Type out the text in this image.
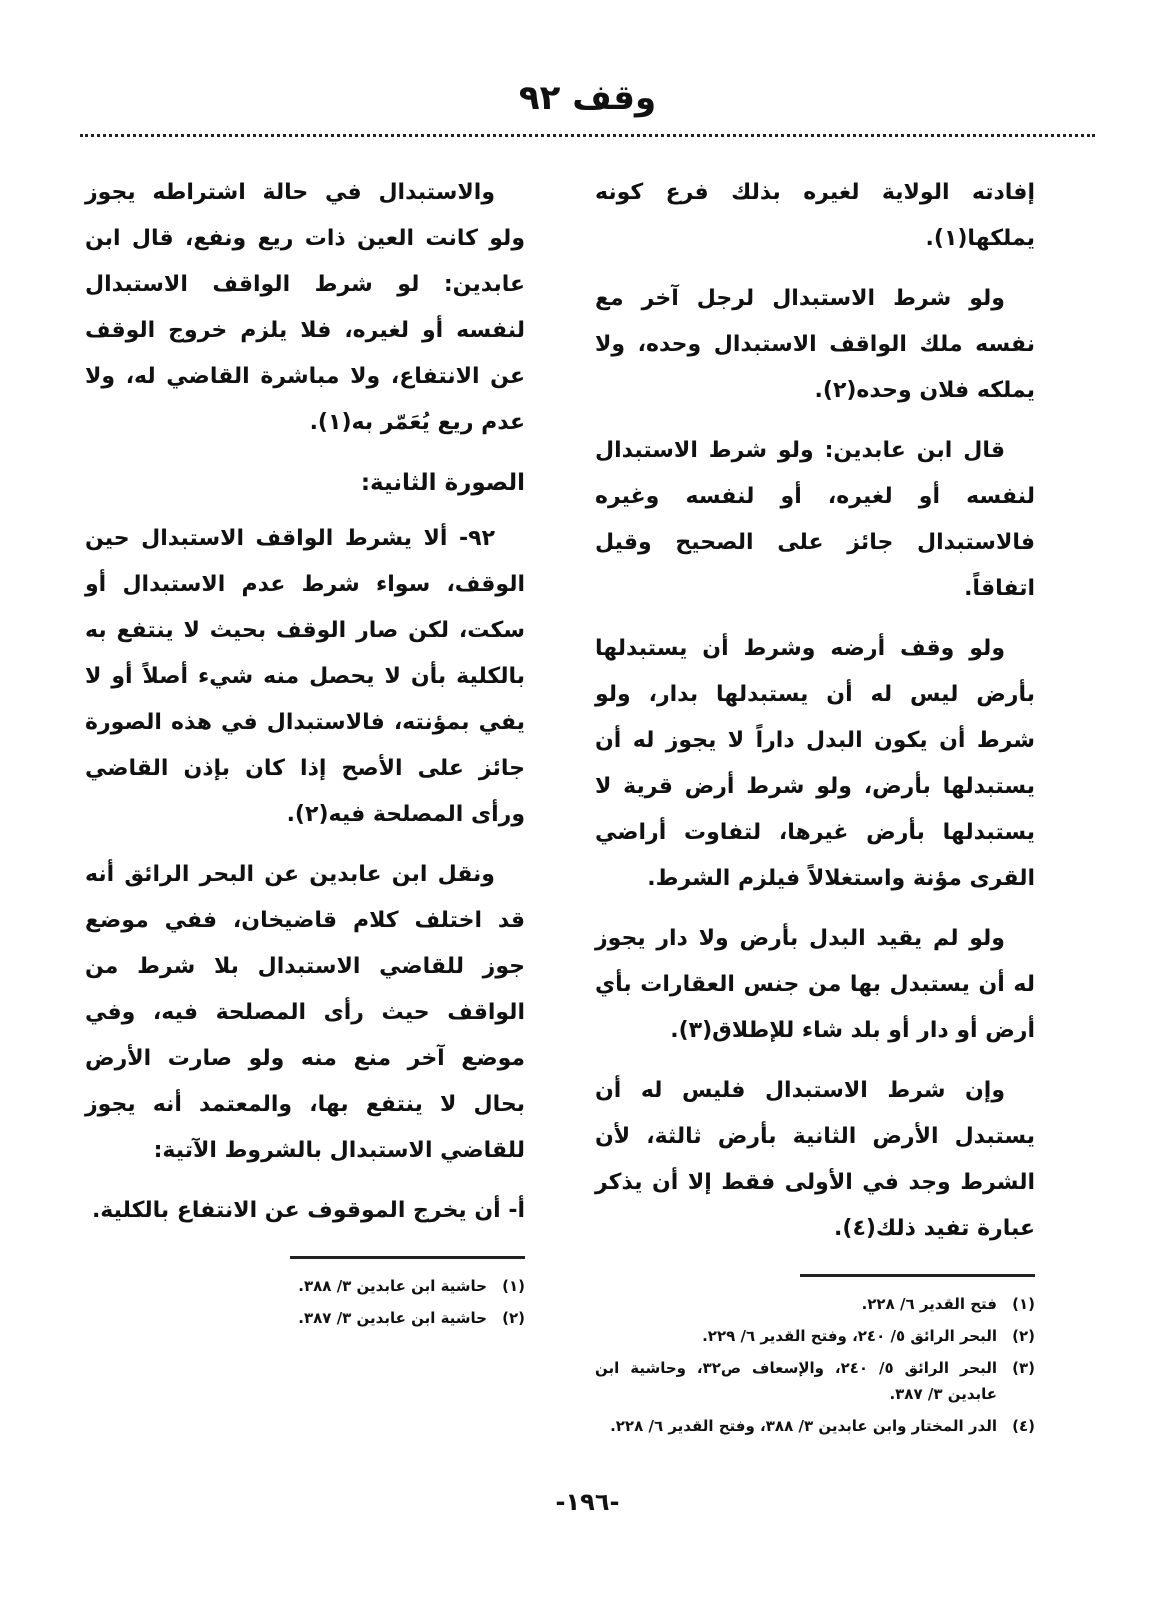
وقف ٩٢

إفادته الولاية لغيره بذلك فرع كونه يملكها(١).

ولو شرط الاستبدال لرجل آخر مع نفسه ملك الواقف الاستبدال وحده، ولا يملكه فلان وحده(٢).

قال ابن عابدين: ولو شرط الاستبدال لنفسه أو لغيره، أو لنفسه وغيره فالاستبدال جائز على الصحيح وقيل اتفاقاً.

ولو وقف أرضه وشرط أن يستبدلها بأرض ليس له أن يستبدلها بدار، ولو شرط أن يكون البدل داراً لا يجوز له أن يستبدلها بأرض، ولو شرط أرض قرية لا يستبدلها بأرض غيرها، لتفاوت أراضي القرى مؤنة واستغلالاً فيلزم الشرط.

ولو لم يقيد البدل بأرض ولا دار يجوز له أن يستبدل بها من جنس العقارات بأي أرض أو دار أو بلد شاء للإطلاق(٣).

وإن شرط الاستبدال فليس له أن يستبدل الأرض الثانية بأرض ثالثة، لأن الشرط وجد في الأولى فقط إلا أن يذكر عبارة تفيد ذلك(٤).

(١)
فتح القدير ٦/ ٢٢٨.
(٢)
البحر الرائق ٥/ ٢٤٠، وفتح القدير ٦/ ٢٢٩.
(٣)
البحر الرائق ٥/ ٢٤٠، والإسعاف ص٣٢، وحاشية ابن عابدين ٣/ ٣٨٧.
(٤)
الدر المختار وابن عابدين ٣/ ٣٨٨، وفتح القدير ٦/ ٢٢٨.

والاستبدال في حالة اشتراطه يجوز ولو كانت العين ذات ريع ونفع، قال ابن عابدين: لو شرط الواقف الاستبدال لنفسه أو لغيره، فلا يلزم خروج الوقف عن الانتفاع، ولا مباشرة القاضي له، ولا عدم ريع يُعَمّر به(١).

الصورة الثانية:

٩٢- ألا يشرط الواقف الاستبدال حين الوقف، سواء شرط عدم الاستبدال أو سكت، لكن صار الوقف بحيث لا ينتفع به بالكلية بأن لا يحصل منه شيء أصلاً أو لا يفي بمؤنته، فالاستبدال في هذه الصورة جائز على الأصح إذا كان بإذن القاضي ورأى المصلحة فيه(٢).

ونقل ابن عابدين عن البحر الرائق أنه قد اختلف كلام قاضيخان، ففي موضع جوز للقاضي الاستبدال بلا شرط من الواقف حيث رأى المصلحة فيه، وفي موضع آخر منع منه ولو صارت الأرض بحال لا ينتفع بها، والمعتمد أنه يجوز للقاضي الاستبدال بالشروط الآتية:

أ- أن يخرج الموقوف عن الانتفاع بالكلية.

(١)
حاشية ابن عابدين ٣/ ٣٨٨.
(٢)
حاشية ابن عابدين ٣/ ٣٨٧.
-١٩٦-
